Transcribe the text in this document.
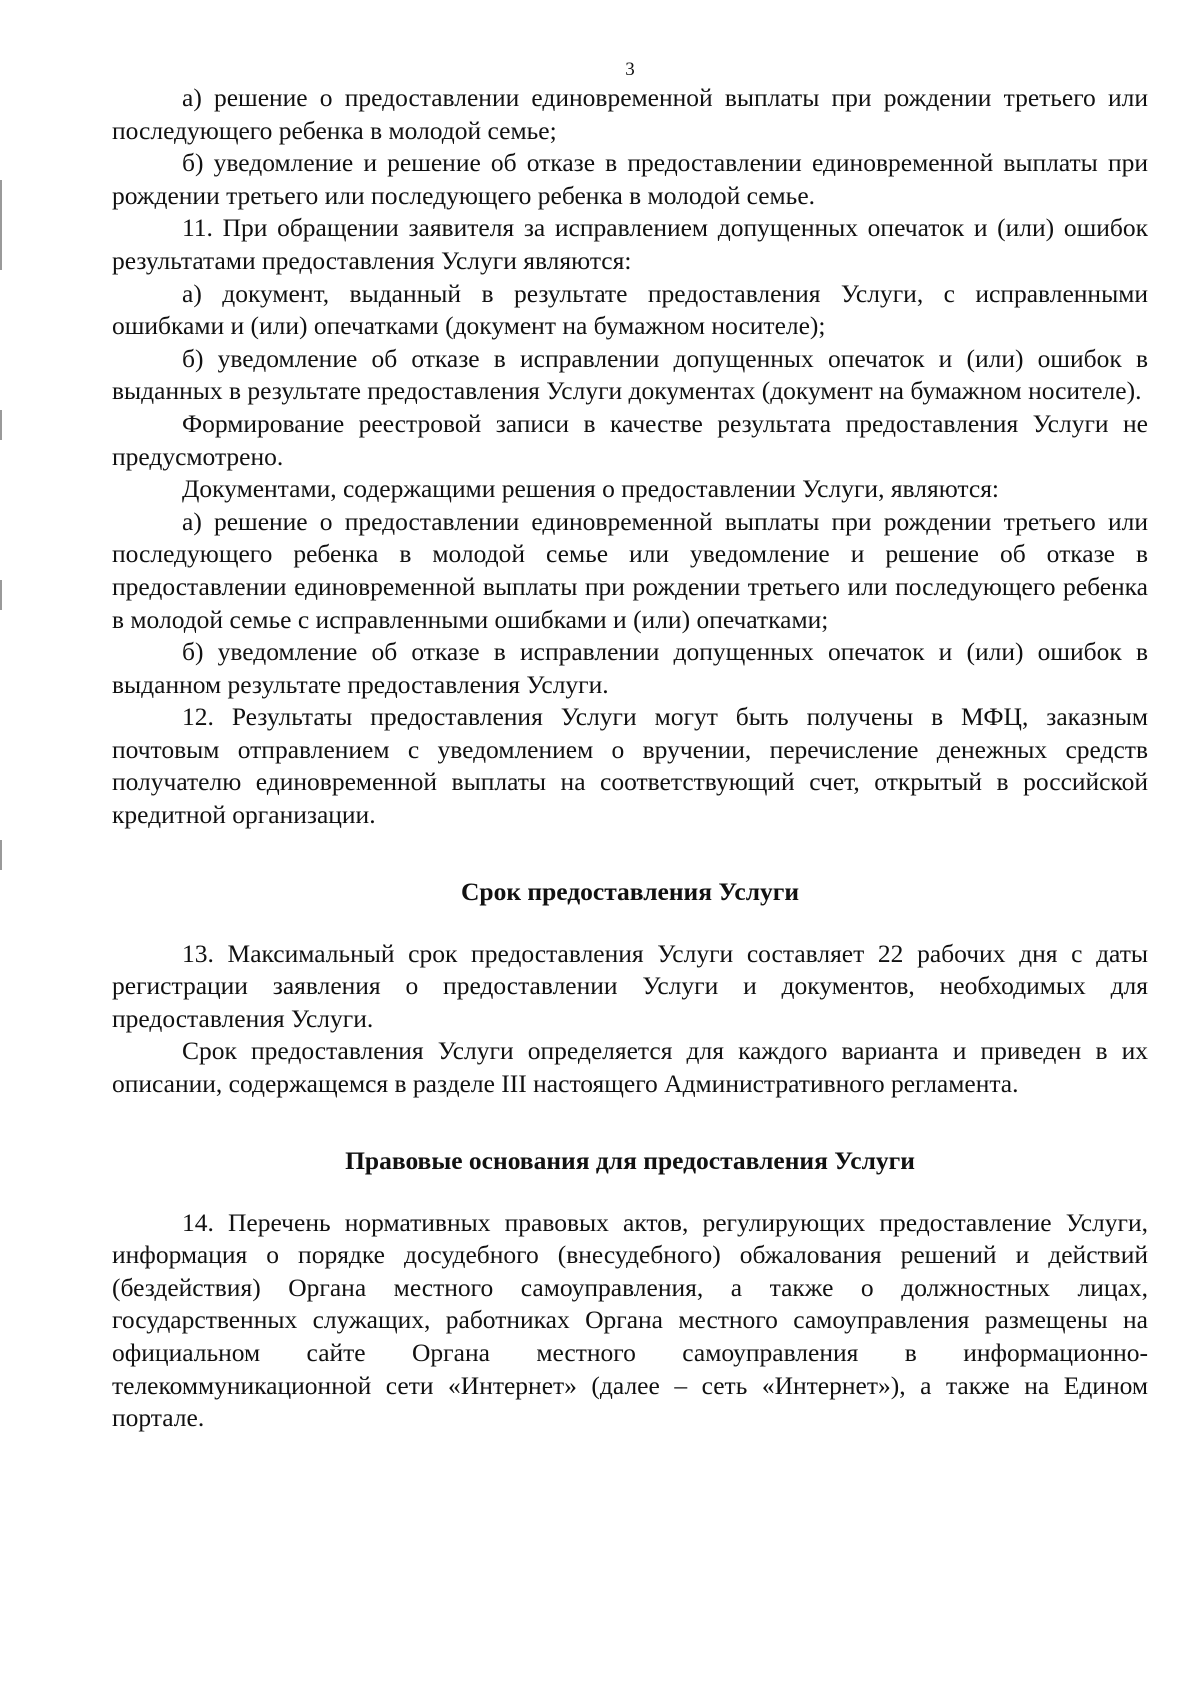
3

а) решение о предоставлении единовременной выплаты при рождении третьего или последующего ребенка в молодой семье;

б) уведомление и решение об отказе в предоставлении единовременной выплаты при рождении третьего или последующего ребенка в молодой семье.

11. При обращении заявителя за исправлением допущенных опечаток и (или) ошибок результатами предоставления Услуги являются:

а) документ, выданный в результате предоставления Услуги, с исправленными ошибками и (или) опечатками (документ на бумажном носителе);

б) уведомление об отказе в исправлении допущенных опечаток и (или) ошибок в выданных в результате предоставления Услуги документах (документ на бумажном носителе).

Формирование реестровой записи в качестве результата предоставления Услуги не предусмотрено.

Документами, содержащими решения о предоставлении Услуги, являются:

а) решение о предоставлении единовременной выплаты при рождении третьего или последующего ребенка в молодой семье или уведомление и решение об отказе в предоставлении единовременной выплаты при рождении третьего или последующего ребенка в молодой семье с исправленными ошибками и (или) опечатками;

б) уведомление об отказе в исправлении допущенных опечаток и (или) ошибок в выданном результате предоставления Услуги.

12. Результаты предоставления Услуги могут быть получены в МФЦ, заказным почтовым отправлением с уведомлением о вручении, перечисление денежных средств получателю единовременной выплаты на соответствующий счет, открытый в российской кредитной организации.

Срок предоставления Услуги

13. Максимальный срок предоставления Услуги составляет 22 рабочих дня с даты регистрации заявления о предоставлении Услуги и документов, необходимых для предоставления Услуги.

Срок предоставления Услуги определяется для каждого варианта и приведен в их описании, содержащемся в разделе III настоящего Административного регламента.

Правовые основания для предоставления Услуги

14. Перечень нормативных правовых актов, регулирующих предоставление Услуги, информация о порядке досудебного (внесудебного) обжалования решений и действий (бездействия) Органа местного самоуправления, а также о должностных лицах, государственных служащих, работниках Органа местного самоуправления размещены на официальном сайте Органа местного самоуправления в информационно-телекоммуникационной сети «Интернет» (далее – сеть «Интернет»), а также на Едином портале.
